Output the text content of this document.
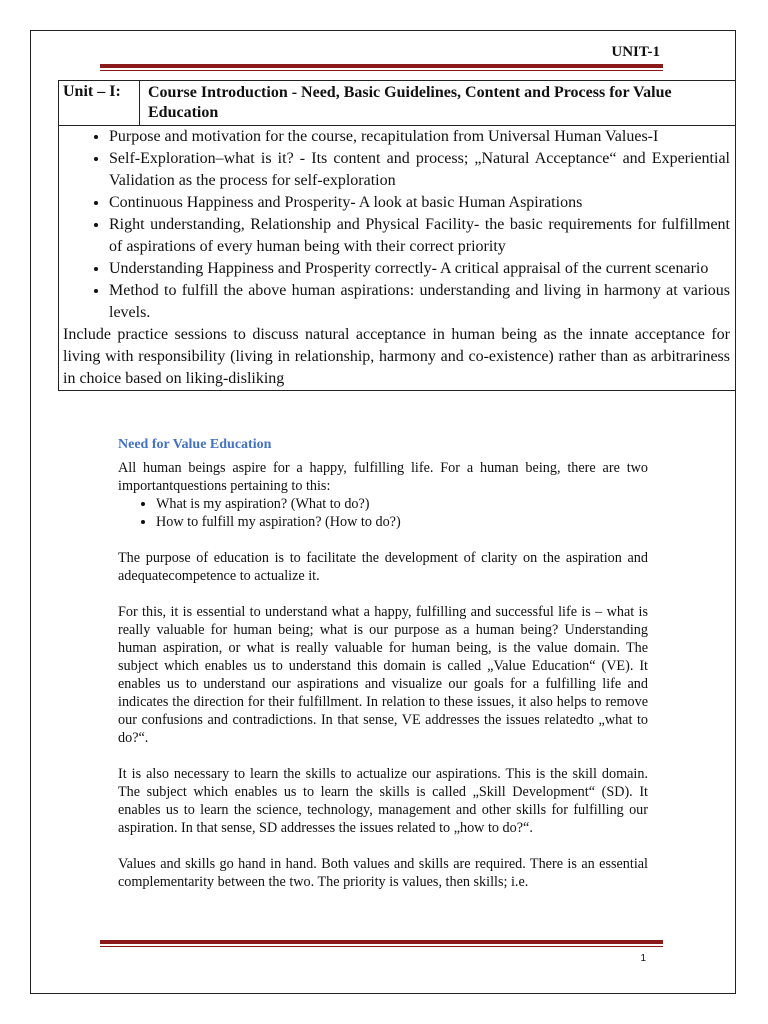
UNIT-1
Unit – I:	Course Introduction - Need, Basic Guidelines, Content and Process for Value Education
• Purpose and motivation for the course, recapitulation from Universal Human Values-I
• Self-Exploration–what is it? - Its content and process; „Natural Acceptance“ and Experiential Validation as the process for self-exploration
• Continuous Happiness and Prosperity- A look at basic Human Aspirations
• Right understanding, Relationship and Physical Facility- the basic requirements for fulfillment of aspirations of every human being with their correct priority
• Understanding Happiness and Prosperity correctly- A critical appraisal of the current scenario
• Method to fulfill the above human aspirations: understanding and living in harmony at various levels.

Include practice sessions to discuss natural acceptance in human being as the innate acceptance for living with responsibility (living in relationship, harmony and co-existence) rather than as arbitrariness in choice based on liking-disliking

Need for Value Education

All human beings aspire for a happy, fulfilling life. For a human being, there are two importantquestions pertaining to this:

• What is my aspiration? (What to do?)
• How to fulfill my aspiration? (How to do?)

The purpose of education is to facilitate the development of clarity on the aspiration and adequatecompetence to actualize it.

For this, it is essential to understand what a happy, fulfilling and successful life is – what is really valuable for human being; what is our purpose as a human being? Understanding human aspiration, or what is really valuable for human being, is the value domain. The subject which enables us to understand this domain is called „Value Education“ (VE). It enables us to understand our aspirations and visualize our goals for a fulfilling life and indicates the direction for their fulfillment. In relation to these issues, it also helps to remove our confusions and contradictions. In that sense, VE addresses the issues relatedto „what to do?“.

It is also necessary to learn the skills to actualize our aspirations. This is the skill domain. The subject which enables us to learn the skills is called „Skill Development“ (SD). It enables us to learn the science, technology, management and other skills for fulfilling our aspiration. In that sense, SD addresses the issues related to „how to do?“.

Values and skills go hand in hand. Both values and skills are required. There is an essential complementarity between the two. The priority is values, then skills; i.e.

1
